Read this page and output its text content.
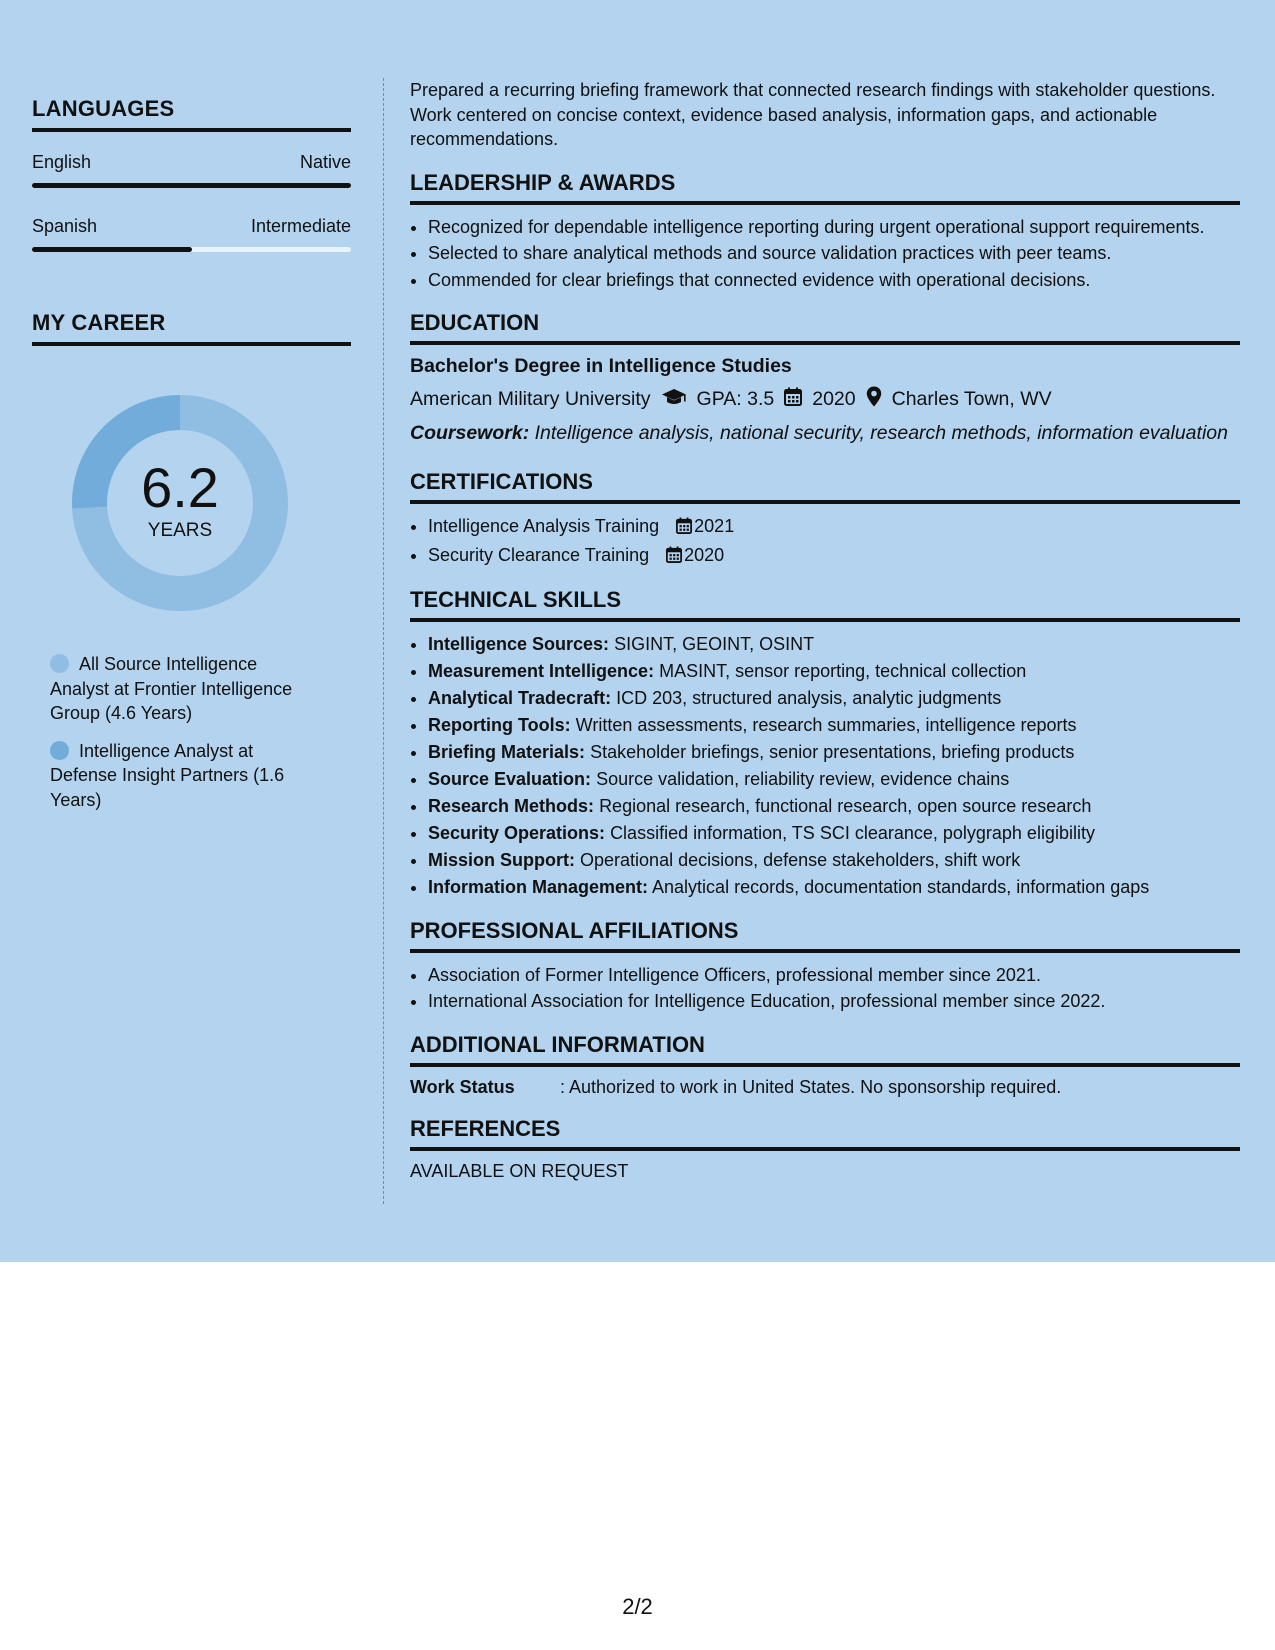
LANGUAGES
English	Native
Spanish	Intermediate
MY CAREER
6.2
YEARS
All Source Intelligence Analyst at Frontier Intelligence Group (4.6 Years)
Intelligence Analyst at Defense Insight Partners (1.6 Years)

Prepared a recurring briefing framework that connected research findings with stakeholder questions. Work centered on concise context, evidence based analysis, information gaps, and actionable recommendations.

LEADERSHIP & AWARDS
• Recognized for dependable intelligence reporting during urgent operational support requirements.
• Selected to share analytical methods and source validation practices with peer teams.
• Commended for clear briefings that connected evidence with operational decisions.
EDUCATION
Bachelor's Degree in Intelligence Studies
American Military University GPA: 3.5 2020 Charles Town, WV
Coursework: Intelligence analysis, national security, research methods, information evaluation
CERTIFICATIONS
• Intelligence Analysis Training 2021
• Security Clearance Training 2020
TECHNICAL SKILLS
• Intelligence Sources: SIGINT, GEOINT, OSINT
• Measurement Intelligence: MASINT, sensor reporting, technical collection
• Analytical Tradecraft: ICD 203, structured analysis, analytic judgments
• Reporting Tools: Written assessments, research summaries, intelligence reports
• Briefing Materials: Stakeholder briefings, senior presentations, briefing products
• Source Evaluation: Source validation, reliability review, evidence chains
• Research Methods: Regional research, functional research, open source research
• Security Operations: Classified information, TS SCI clearance, polygraph eligibility
• Mission Support: Operational decisions, defense stakeholders, shift work
• Information Management: Analytical records, documentation standards, information gaps
PROFESSIONAL AFFILIATIONS
• Association of Former Intelligence Officers, professional member since 2021.
• International Association for Intelligence Education, professional member since 2022.
ADDITIONAL INFORMATION
Work Status	: Authorized to work in United States. No sponsorship required.
REFERENCES
AVAILABLE ON REQUEST
2/2
